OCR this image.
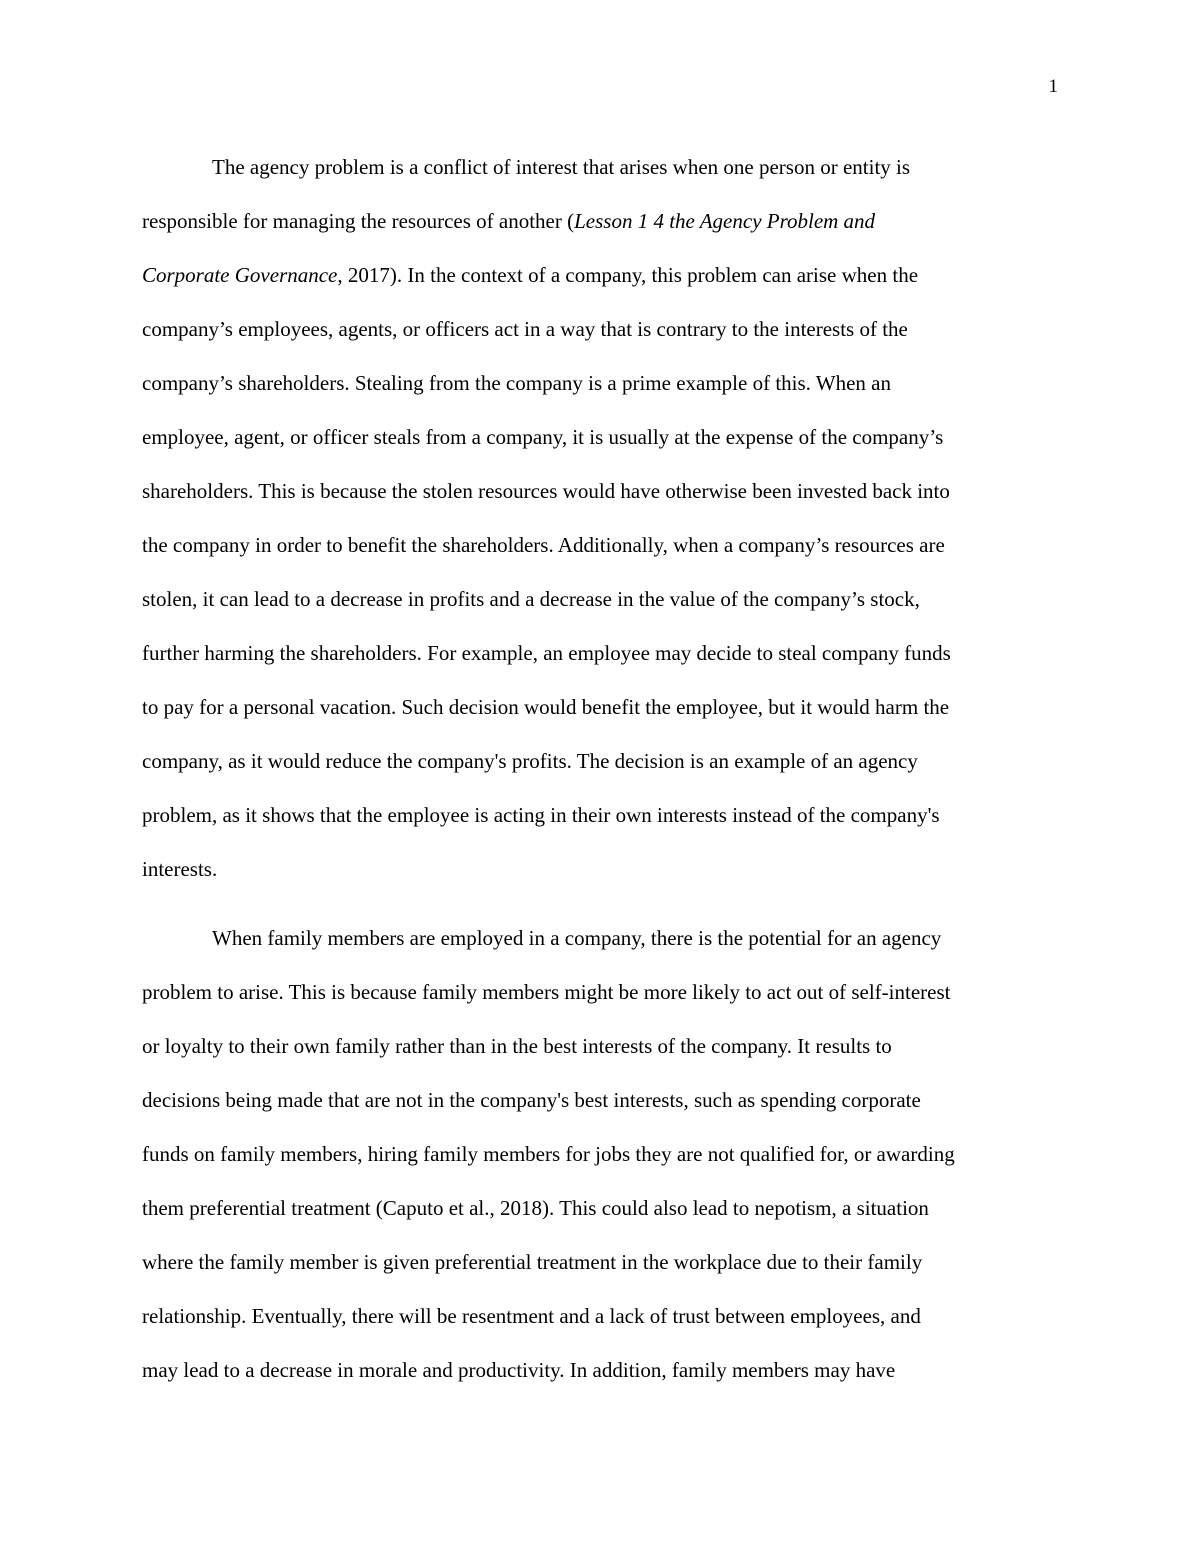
1
The agency problem is a conflict of interest that arises when one person or entity is
responsible for managing the resources of another (Lesson 1 4 the Agency Problem and
Corporate Governance, 2017). In the context of a company, this problem can arise when the
company’s employees, agents, or officers act in a way that is contrary to the interests of the
company’s shareholders. Stealing from the company is a prime example of this. When an
employee, agent, or officer steals from a company, it is usually at the expense of the company’s
shareholders. This is because the stolen resources would have otherwise been invested back into
the company in order to benefit the shareholders. Additionally, when a company’s resources are
stolen, it can lead to a decrease in profits and a decrease in the value of the company’s stock,
further harming the shareholders. For example, an employee may decide to steal company funds
to pay for a personal vacation. Such decision would benefit the employee, but it would harm the
company, as it would reduce the company's profits. The decision is an example of an agency
problem, as it shows that the employee is acting in their own interests instead of the company's
interests.
When family members are employed in a company, there is the potential for an agency
problem to arise. This is because family members might be more likely to act out of self-interest
or loyalty to their own family rather than in the best interests of the company. It results to
decisions being made that are not in the company's best interests, such as spending corporate
funds on family members, hiring family members for jobs they are not qualified for, or awarding
them preferential treatment (Caputo et al., 2018). This could also lead to nepotism, a situation
where the family member is given preferential treatment in the workplace due to their family
relationship. Eventually, there will be resentment and a lack of trust between employees, and
may lead to a decrease in morale and productivity. In addition, family members may have
